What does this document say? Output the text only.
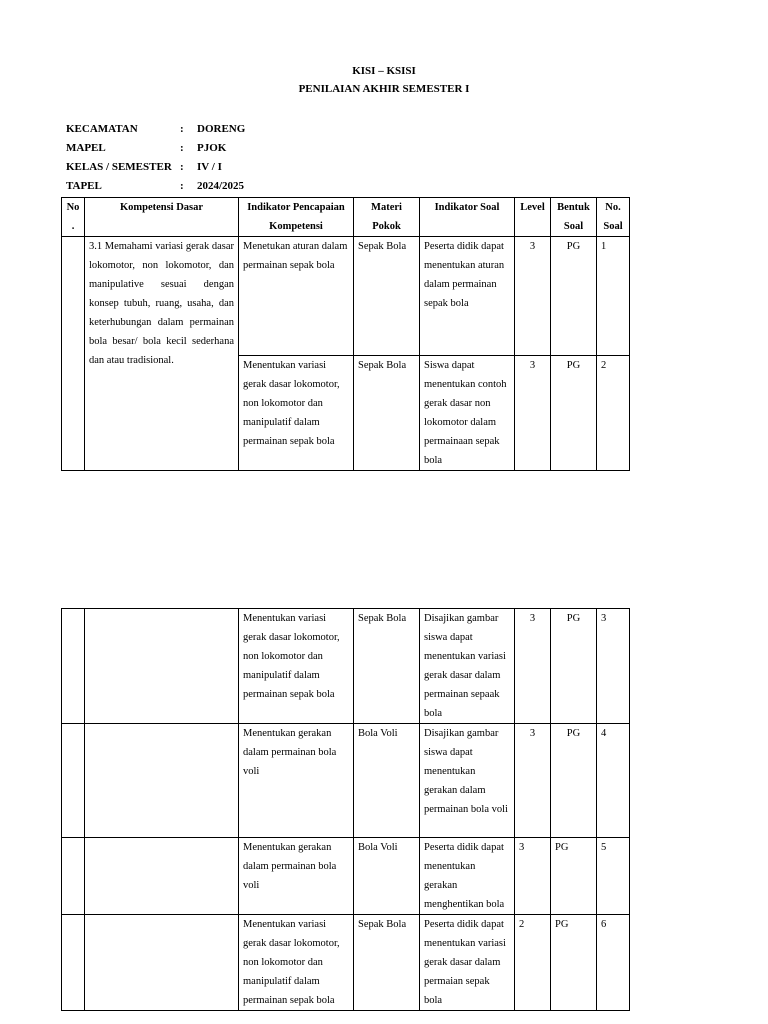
KISI – KSISI
PENILAIAN AKHIR SEMESTER I
KECAMATAN	:	DORENG
MAPEL	:	PJOK
KELAS / SEMESTER :	IV / I
TAPEL	:	2024/2025
No .	Kompetensi Dasar	Indikator Pencapaian Kompetensi	Materi Pokok	Indikator Soal	Level	Bentuk Soal	No. Soal
	3.1 Memahami variasi gerak dasar lokomotor, non lokomotor, dan manipulative sesuai dengan konsep tubuh, ruang, usaha, dan keterhubungan dalam permainan bola besar/ bola kecil sederhana dan atau tradisional.	Menetukan aturan dalam permainan sepak bola	Sepak Bola	Peserta didik dapat menentukan aturan dalam permainan sepak bola	3	PG	1
		Menentukan variasi gerak dasar lokomotor, non lokomotor dan manipulatif dalam permainan sepak bola	Sepak Bola	Siswa dapat menentukan contoh gerak dasar non lokomotor dalam permainaan sepak bola	3	PG	2
		Menentukan variasi gerak dasar lokomotor, non lokomotor dan manipulatif dalam permainan sepak bola	Sepak Bola	Disajikan gambar siswa dapat menentukan variasi gerak dasar dalam permainan sepaak bola	3	PG	3
		Menentukan gerakan dalam permainan bola voli	Bola Voli	Disajikan gambar siswa dapat menentukan gerakan dalam permainan bola voli	3	PG	4
		Menentukan gerakan dalam permainan bola voli	Bola Voli	Peserta didik dapat menentukan gerakan menghentikan bola	3	PG	5
		Menentukan variasi gerak dasar lokomotor, non lokomotor dan manipulatif dalam permainan sepak bola	Sepak Bola	Peserta didik dapat menentukan variasi gerak dasar dalam permaian sepak bola	2	PG	6
